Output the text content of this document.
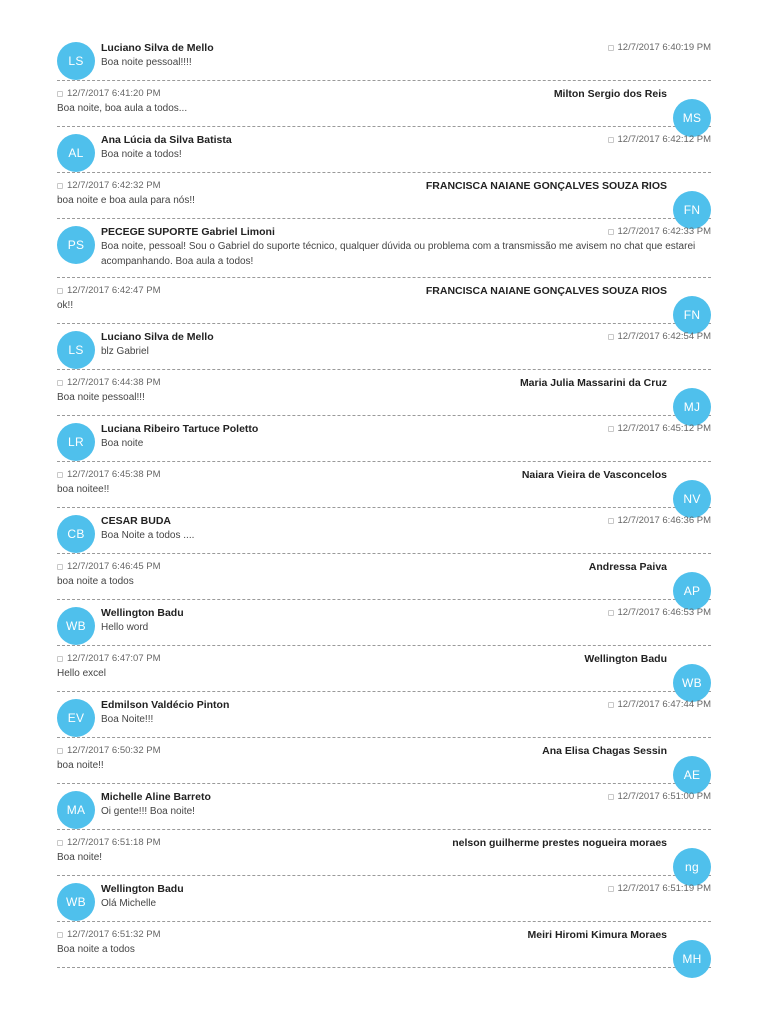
LS
Luciano Silva de Mello	12/7/2017 6:40:19 PM
Boa noite pessoal!!!!
MS
12/7/2017 6:41:20 PM	Milton Sergio dos Reis
Boa noite, boa aula a todos...
AL
Ana Lúcia da Silva Batista	12/7/2017 6:42:12 PM
Boa noite a todos!
FN
12/7/2017 6:42:32 PM	FRANCISCA NAIANE GONÇALVES SOUZA RIOS
boa noite e boa aula para nós!!
PS
PECEGE SUPORTE Gabriel Limoni	12/7/2017 6:42:33 PM
Boa noite, pessoal! Sou o Gabriel do suporte técnico, qualquer dúvida ou problema com a transmissão me avisem no chat que estarei acompanhando. Boa aula a todos!
FN
12/7/2017 6:42:47 PM	FRANCISCA NAIANE GONÇALVES SOUZA RIOS
ok!!
LS
Luciano Silva de Mello	12/7/2017 6:42:54 PM
blz Gabriel
MJ
12/7/2017 6:44:38 PM	Maria Julia Massarini da Cruz
Boa noite pessoal!!!
LR
Luciana Ribeiro Tartuce Poletto	12/7/2017 6:45:12 PM
Boa noite
NV
12/7/2017 6:45:38 PM	Naiara Vieira de Vasconcelos
boa noitee!!
CB
CESAR BUDA	12/7/2017 6:46:36 PM
Boa Noite a todos ....
AP
12/7/2017 6:46:45 PM	Andressa Paiva
boa noite a todos
WB
Wellington Badu	12/7/2017 6:46:53 PM
Hello word
WB
12/7/2017 6:47:07 PM	Wellington Badu
Hello excel
EV
Edmilson Valdécio Pinton	12/7/2017 6:47:44 PM
Boa Noite!!!
AE
12/7/2017 6:50:32 PM	Ana Elisa Chagas Sessin
boa noite!!
MA
Michelle Aline Barreto	12/7/2017 6:51:00 PM
Oi gente!!! Boa noite!
ng
12/7/2017 6:51:18 PM	nelson guilherme prestes nogueira moraes
Boa noite!
WB
Wellington Badu	12/7/2017 6:51:19 PM
Olá Michelle
MH
12/7/2017 6:51:32 PM	Meiri Hiromi Kimura Moraes
Boa noite a todos
